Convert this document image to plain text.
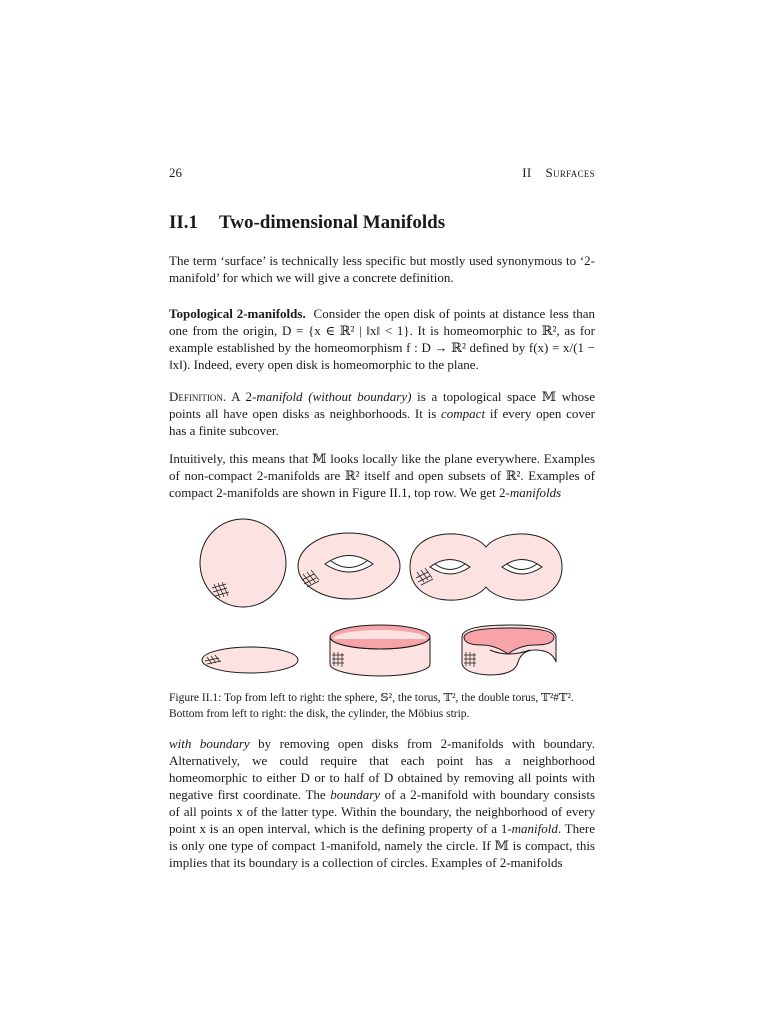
26	II Surfaces
II.1 Two-dimensional Manifolds
The term ‘surface’ is technically less specific but mostly used synonymous to ‘2-manifold’ for which we will give a concrete definition.
Topological 2-manifolds. Consider the open disk of points at distance less than one from the origin, D = {x ∈ ℝ² | ‖x‖ < 1}. It is homeomorphic to ℝ², as for example established by the homeomorphism f : D → ℝ² defined by f(x) = x/(1 − ‖x‖). Indeed, every open disk is homeomorphic to the plane.
Definition. A 2-manifold (without boundary) is a topological space 𝕄 whose points all have open disks as neighborhoods. It is compact if every open cover has a finite subcover.
Intuitively, this means that 𝕄 looks locally like the plane everywhere. Examples of non-compact 2-manifolds are ℝ² itself and open subsets of ℝ². Examples of compact 2-manifolds are shown in Figure II.1, top row. We get 2-manifolds
Figure II.1: Top from left to right: the sphere, 𝕊², the torus, 𝕋², the double torus, 𝕋²#𝕋². Bottom from left to right: the disk, the cylinder, the Möbius strip.
with boundary by removing open disks from 2-manifolds with boundary. Alternatively, we could require that each point has a neighborhood homeomorphic to either D or to half of D obtained by removing all points with negative first coordinate. The boundary of a 2-manifold with boundary consists of all points x of the latter type. Within the boundary, the neighborhood of every point x is an open interval, which is the defining property of a 1-manifold. There is only one type of compact 1-manifold, namely the circle. If 𝕄 is compact, this implies that its boundary is a collection of circles. Examples of 2-manifolds
